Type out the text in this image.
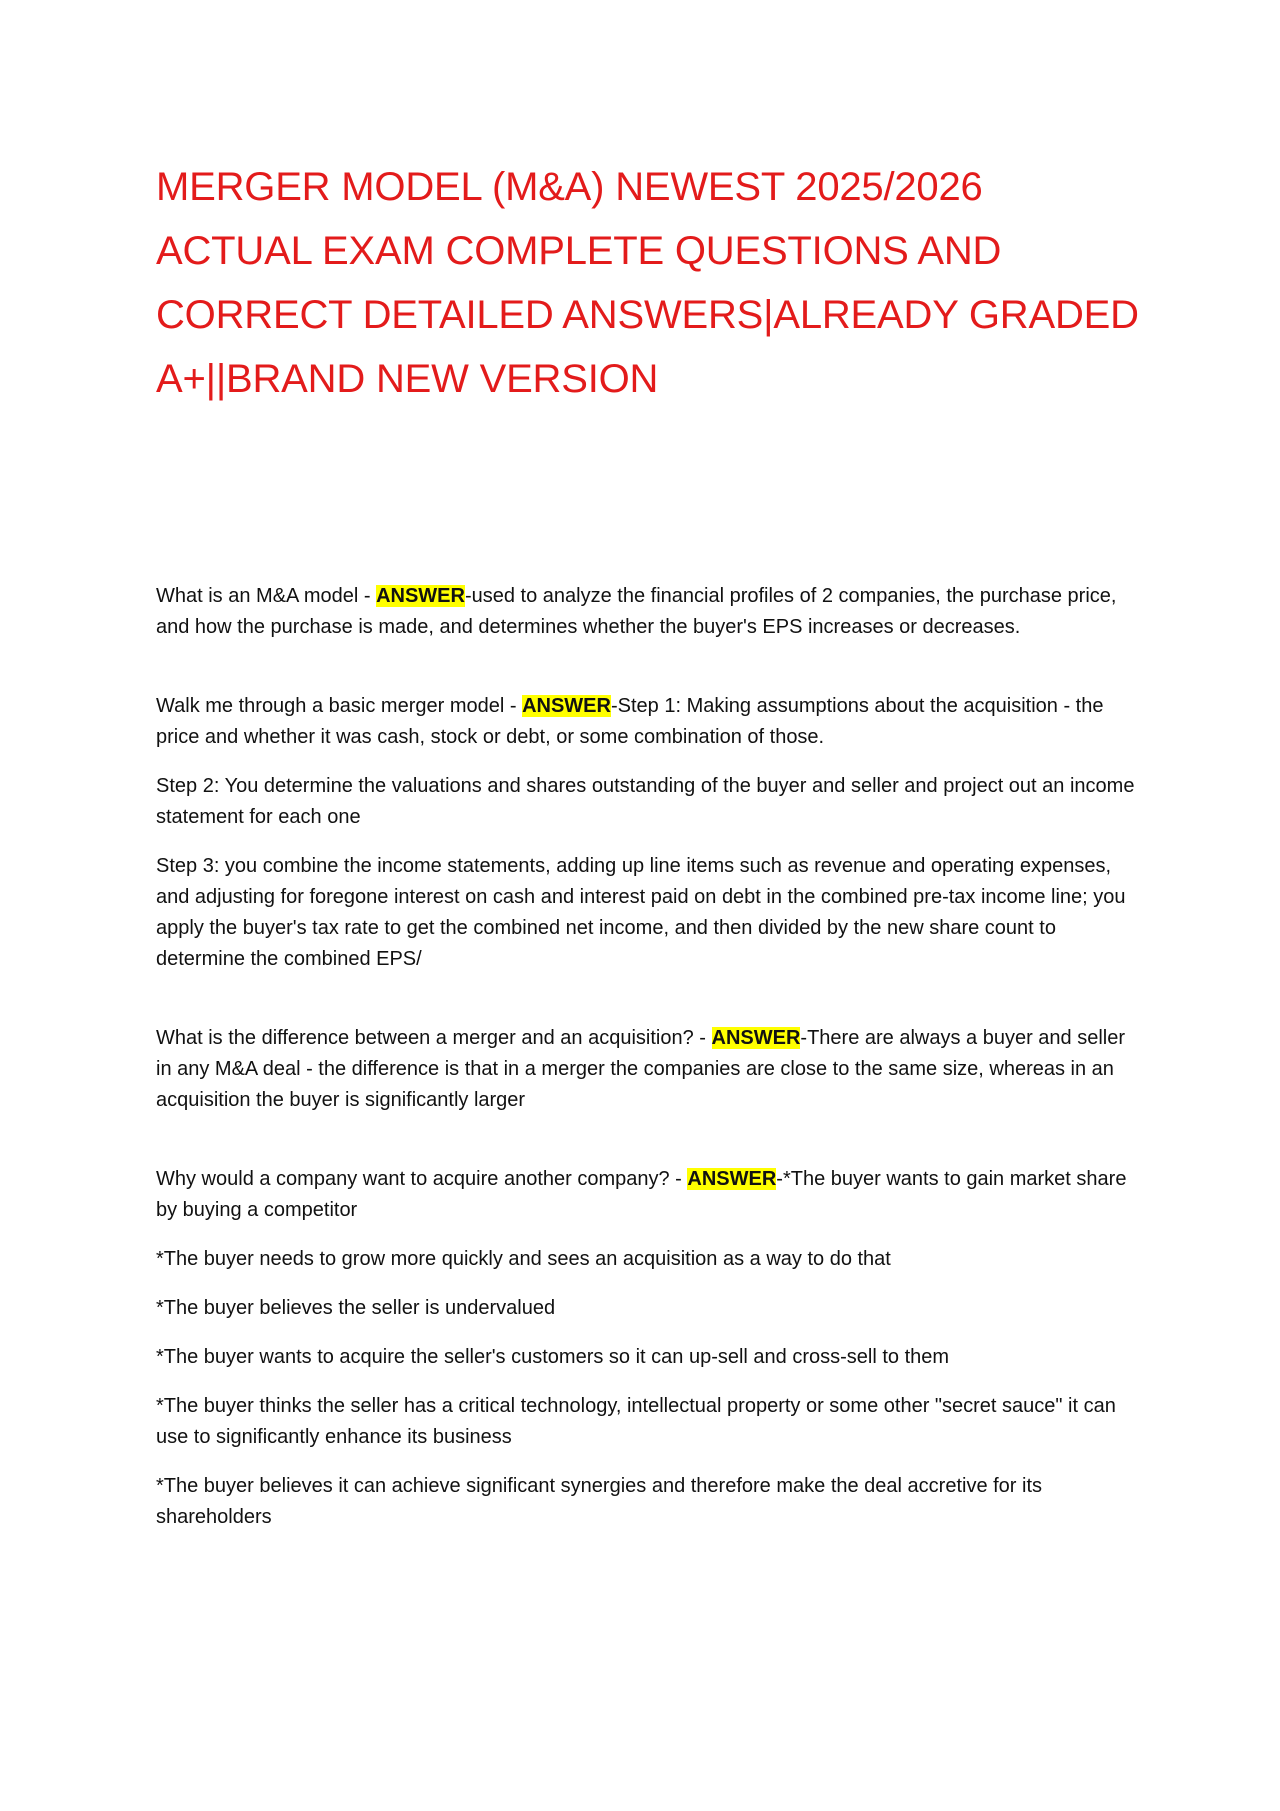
MERGER MODEL (M&A) NEWEST 2025/2026 ACTUAL EXAM COMPLETE QUESTIONS AND CORRECT DETAILED ANSWERS|ALREADY GRADED A+||BRAND NEW VERSION

What is an M&A model - ANSWER-used to analyze the financial profiles of 2 companies, the purchase price, and how the purchase is made, and determines whether the buyer's EPS increases or decreases.

Walk me through a basic merger model - ANSWER-Step 1: Making assumptions about the acquisition - the price and whether it was cash, stock or debt, or some combination of those.

Step 2: You determine the valuations and shares outstanding of the buyer and seller and project out an income statement for each one

Step 3: you combine the income statements, adding up line items such as revenue and operating expenses, and adjusting for foregone interest on cash and interest paid on debt in the combined pre-tax income line; you apply the buyer's tax rate to get the combined net income, and then divided by the new share count to determine the combined EPS/

What is the difference between a merger and an acquisition? - ANSWER-There are always a buyer and seller in any M&A deal - the difference is that in a merger the companies are close to the same size, whereas in an acquisition the buyer is significantly larger

Why would a company want to acquire another company? - ANSWER-*The buyer wants to gain market share by buying a competitor

*The buyer needs to grow more quickly and sees an acquisition as a way to do that

*The buyer believes the seller is undervalued

*The buyer wants to acquire the seller's customers so it can up-sell and cross-sell to them

*The buyer thinks the seller has a critical technology, intellectual property or some other "secret sauce" it can use to significantly enhance its business

*The buyer believes it can achieve significant synergies and therefore make the deal accretive for its shareholders
